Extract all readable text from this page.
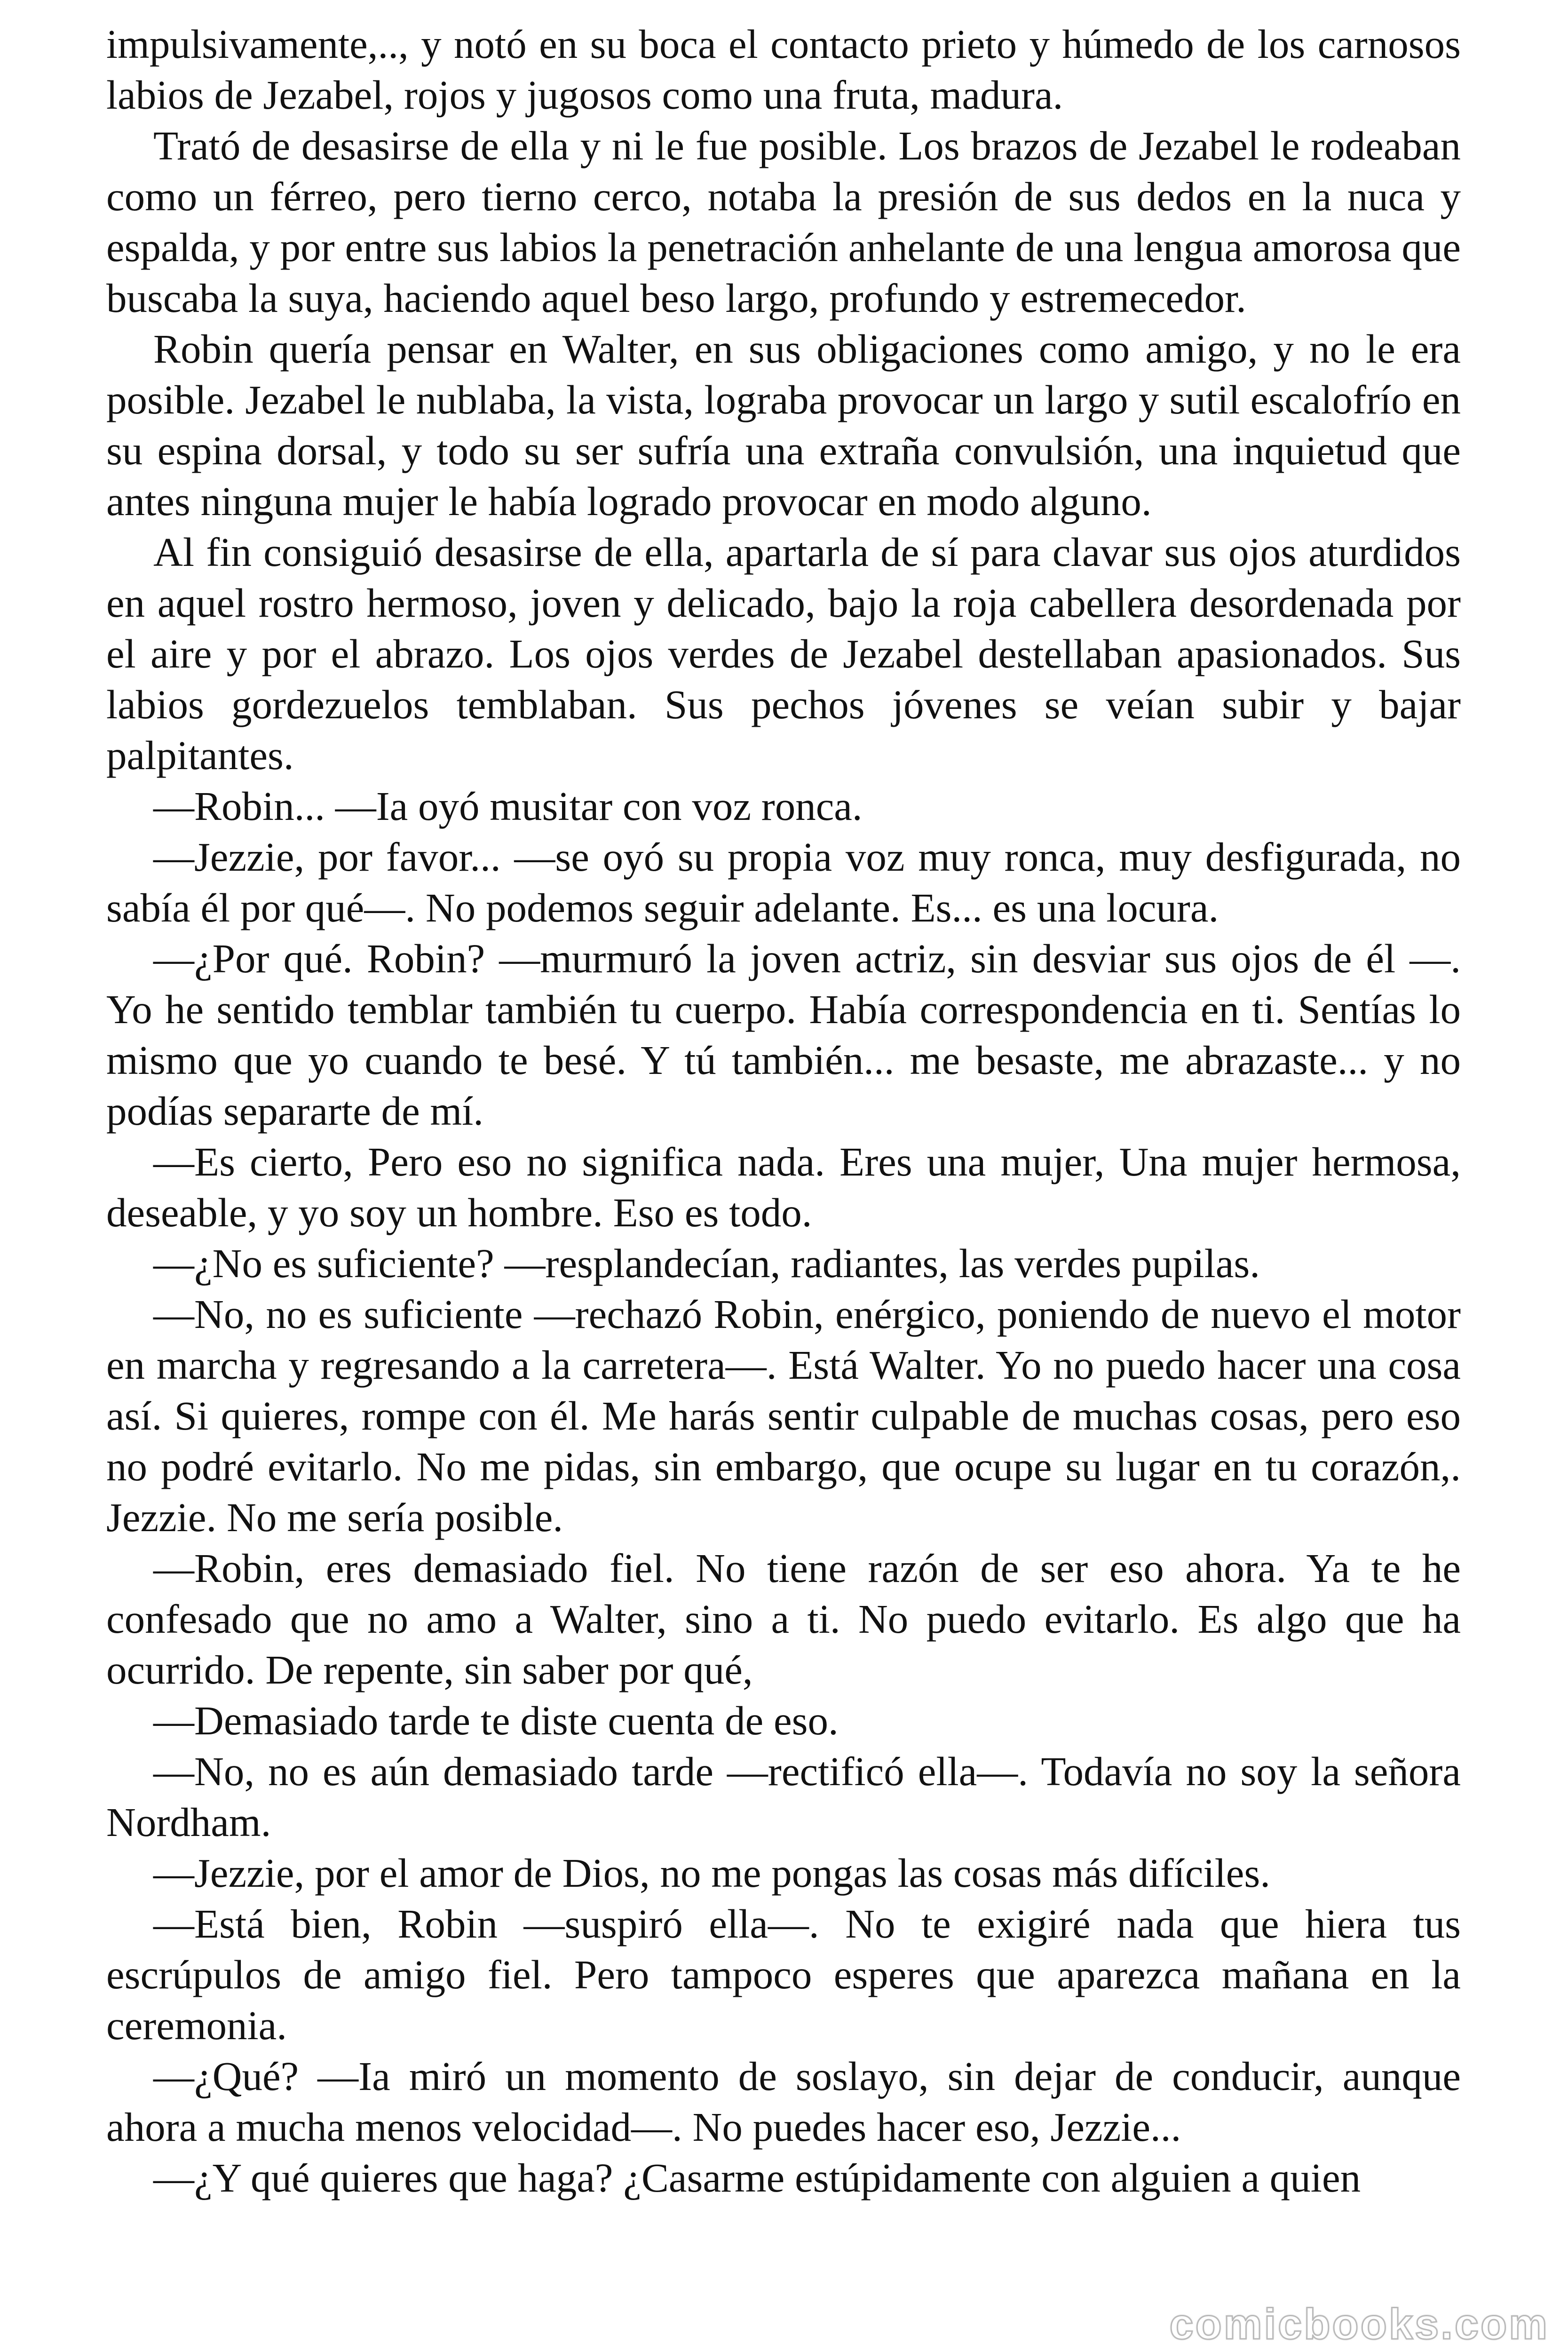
impulsivamente,.., y notó en su boca el contacto prieto y húmedo de los carnosos labios de Jezabel, rojos y jugosos como una fruta, madura.

Trató de desasirse de ella y ni le fue posible. Los brazos de Jezabel le rodeaban como un férreo, pero tierno cerco, notaba la presión de sus dedos en la nuca y espalda, y por entre sus labios la penetración anhelante de una lengua amorosa que buscaba la suya, haciendo aquel beso largo, profundo y estremecedor.

Robin quería pensar en Walter, en sus obligaciones como amigo, y no le era posible. Jezabel le nublaba, la vista, lograba provocar un largo y sutil escalofrío en su espina dorsal, y todo su ser sufría una extraña convulsión, una inquietud que antes ninguna mujer le había logrado provocar en modo alguno.

Al fin consiguió desasirse de ella, apartarla de sí para clavar sus ojos aturdidos en aquel rostro hermoso, joven y delicado, bajo la roja cabellera desordenada por el aire y por el abrazo. Los ojos verdes de Jezabel destellaban apasionados. Sus labios gordezuelos temblaban. Sus pechos jóvenes se veían subir y bajar palpitantes.

—Robin... —Ia oyó musitar con voz ronca.

—Jezzie, por favor... —se oyó su propia voz muy ronca, muy desfigurada, no sabía él por qué—. No podemos seguir adelante. Es... es una locura.

—¿Por qué. Robin? —murmuró la joven actriz, sin desviar sus ojos de él —. Yo he sentido temblar también tu cuerpo. Había correspondencia en ti. Sentías lo mismo que yo cuando te besé. Y tú también... me besaste, me abrazaste... y no podías separarte de mí.

—Es cierto, Pero eso no significa nada. Eres una mujer, Una mujer hermosa, deseable, y yo soy un hombre. Eso es todo.

—¿No es suficiente? —resplandecían, radiantes, las verdes pupilas.

—No, no es suficiente —rechazó Robin, enérgico, poniendo de nuevo el motor en marcha y regresando a la carretera—. Está Walter. Yo no puedo hacer una cosa así. Si quieres, rompe con él. Me harás sentir culpable de muchas cosas, pero eso no podré evitarlo. No me pidas, sin embargo, que ocupe su lugar en tu corazón,. Jezzie. No me sería posible.

—Robin, eres demasiado fiel. No tiene razón de ser eso ahora. Ya te he confesado que no amo a Walter, sino a ti. No puedo evitarlo. Es algo que ha ocurrido. De repente, sin saber por qué,

—Demasiado tarde te diste cuenta de eso.

—No, no es aún demasiado tarde —rectificó ella—. Todavía no soy la señora Nordham.

—Jezzie, por el amor de Dios, no me pongas las cosas más difíciles.

—Está bien, Robin —suspiró ella—. No te exigiré nada que hiera tus escrúpulos de amigo fiel. Pero tampoco esperes que aparezca mañana en la ceremonia.

—¿Qué? —Ia miró un momento de soslayo, sin dejar de conducir, aunque ahora a mucha menos velocidad—. No puedes hacer eso, Jezzie...

—¿Y qué quieres que haga? ¿Casarme estúpidamente con alguien a quien

comicbooks.com
